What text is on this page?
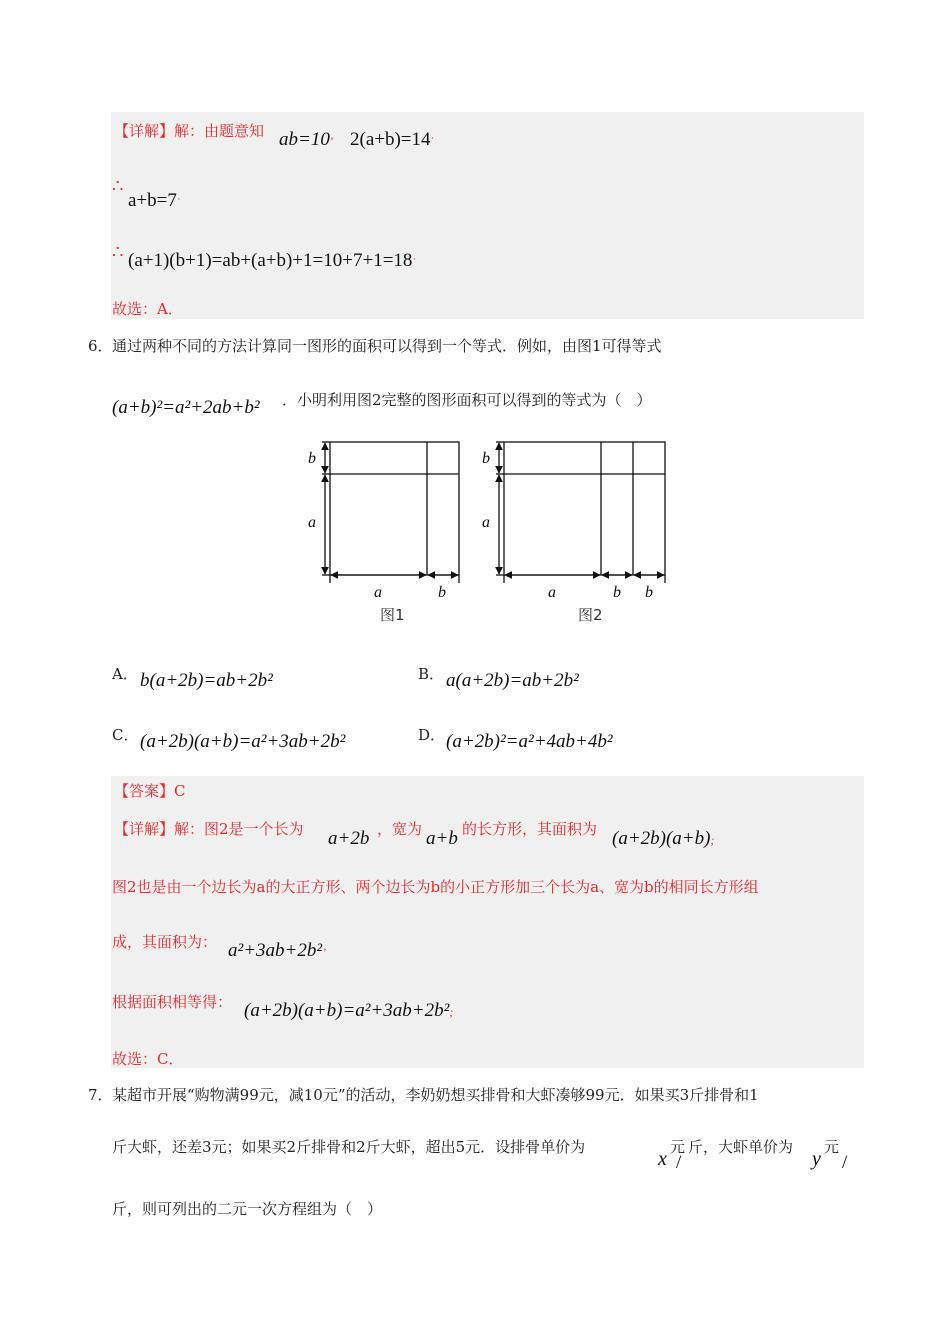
【详解】解：由题意知 ab=10’ 2(a+b)=14˙
∴
a+b=7˙
∴ (a+1)(b+1)=ab+(a+b)+1=10+7+1=18˙
故选：A．
6． 通过两种不同的方法计算同一图形的面积可以得到一个等式．例如，由图1可得等式
(a+b)²=a²+2ab+b² ．小明利用图2完整的图形面积可以得到的等式为（　）
b
a
a	b
图1
b
a
a	b b
图2
A． b(a+2b)=ab+2b²	B． a(a+2b)=ab+2b²
C． (a+2b)(a+b)=a²+3ab+2b²	D． (a+2b)²=a²+4ab+4b²
【答案】C
【详解】解：图2是一个长为 a+2b ，宽为 a+b 的长方形，其面积为 (a+2b)(a+b);
图2也是由一个边长为a的大正方形、两个边长为b的小正方形加三个长为a、宽为b的相同长方形组
成，其面积为： a²+3ab+2b²’
根据面积相等得： (a+2b)(a+b)=a²+3ab+2b²;
故选：C．
7． 某超市开展“购物满99元，减10元”的活动，李奶奶想买排骨和大虾凑够99元．如果买3斤排骨和1
斤大虾，还差3元；如果买2斤排骨和2斤大虾，超出5元．设排骨单价为
x
元
/
斤，大虾单价为
y
元
/
斤，则可列出的二元一次方程组为（　）
